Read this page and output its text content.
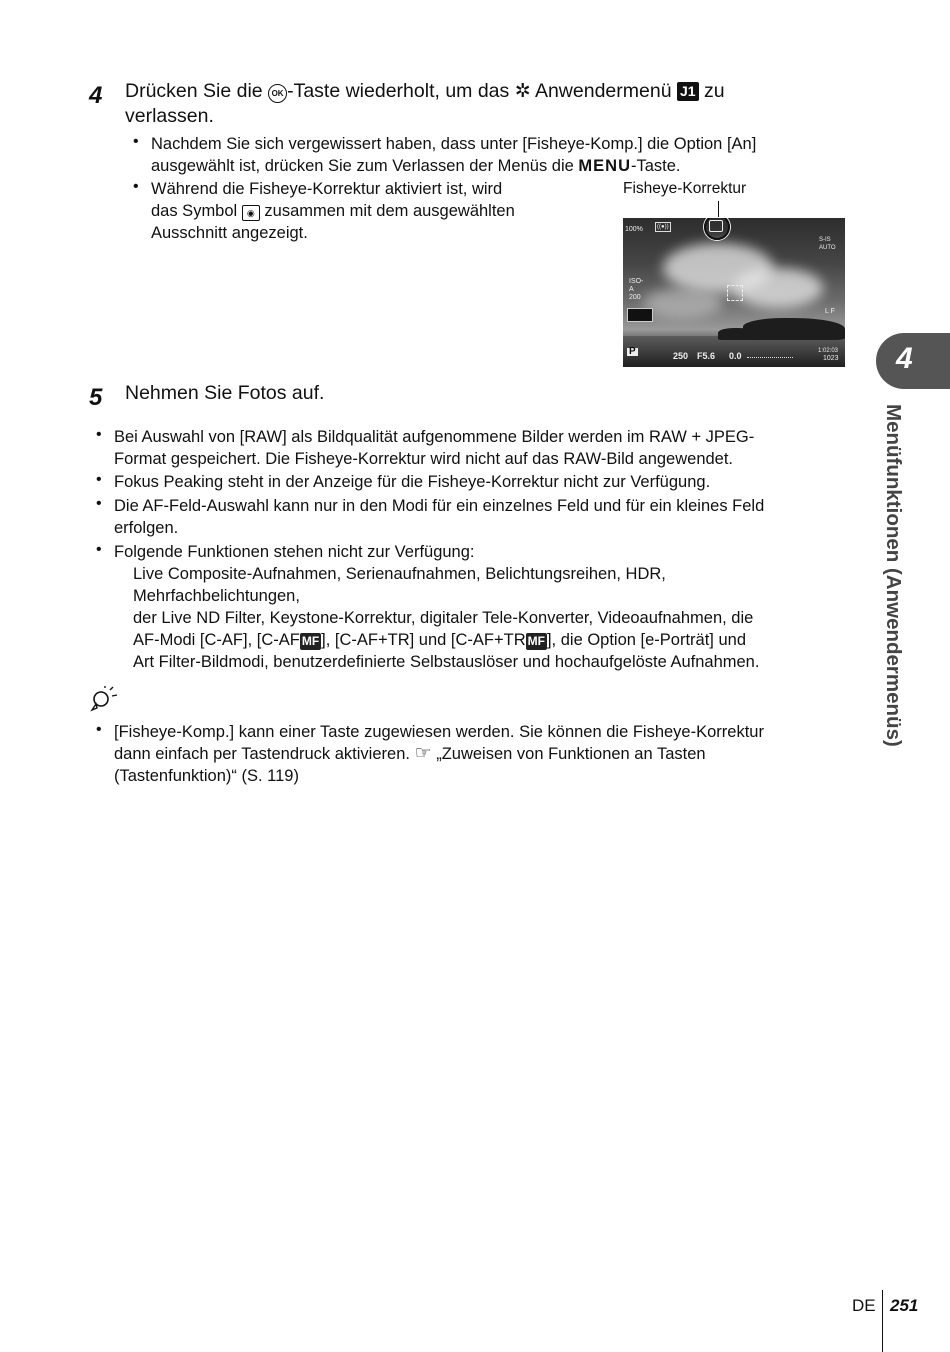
4 Drücken Sie die OK -Taste wiederholt, um das ✲ Anwendermenü J1 zu
verlassen.
• Nachdem Sie sich vergewissert haben, dass unter [Fisheye-Komp.] die Option [An]
ausgewählt ist, drücken Sie zum Verlassen der Menüs die MENU-Taste.
• Während die Fisheye-Korrektur aktiviert ist, wird
das Symbol ◉ zusammen mit dem ausgewählten
Ausschnitt angezeigt.
Fisheye-Korrektur
100%	((●))
S-IS AUTO
ISO-A 200
L F
P	250 F5.6 0.0	1:02:03
1023
5 Nehmen Sie Fotos auf.
• Bei Auswahl von [RAW] als Bildqualität aufgenommene Bilder werden im RAW + JPEG-
Format gespeichert. Die Fisheye-Korrektur wird nicht auf das RAW-Bild angewendet.
• Fokus Peaking steht in der Anzeige für die Fisheye-Korrektur nicht zur Verfügung.
• Die AF-Feld-Auswahl kann nur in den Modi für ein einzelnes Feld und für ein kleines Feld
erfolgen.
• Folgende Funktionen stehen nicht zur Verfügung:
Live Composite-Aufnahmen, Serienaufnahmen, Belichtungsreihen, HDR,
Mehrfachbelichtungen,
der Live ND Filter, Keystone-Korrektur, digitaler Tele-Konverter, Videoaufnahmen, die
AF-Modi [C-AF], [C-AF MF ], [C-AF+TR] und [C-AF+TR MF ], die Option [e-Porträt] und
Art Filter-Bildmodi, benutzerdefinierte Selbstauslöser und hochaufgelöste Aufnahmen.
• [Fisheye-Komp.] kann einer Taste zugewiesen werden. Sie können die Fisheye-Korrektur
dann einfach per Tastendruck aktivieren. ☞ „Zuweisen von Funktionen an Tasten
(Tastenfunktion)“ (S. 119)
4
Menüfunktionen (Anwendermenüs)
DE 251
